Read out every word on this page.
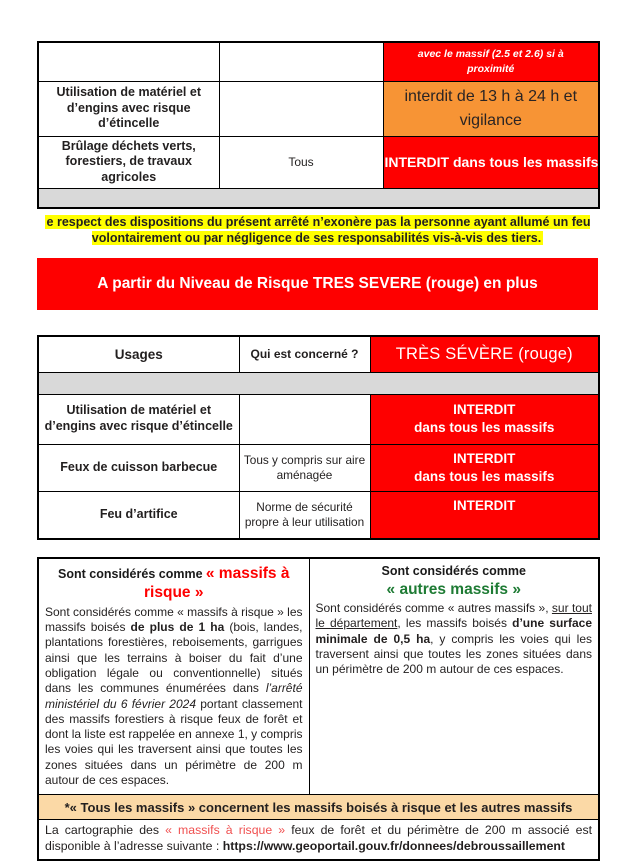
		avec le massif (2.5 et 2.6) si à proximité
Utilisation de matériel et d’engins avec risque d’étincelle		interdit de 13 h à 24 h et vigilance
Brûlage déchets verts, forestiers, de travaux agricoles	Tous	INTERDIT dans tous les massifs

e respect des dispositions du présent arrêté n’exonère pas la personne ayant allumé un feu volontairement ou par négligence de ses responsabilités vis-à-vis des tiers.
A partir du Niveau de Risque TRES SEVERE (rouge) en plus
Usages	Qui est concerné ?	TRÈS SÉVÈRE (rouge)

Utilisation de matériel et d’engins avec risque d’étincelle		INTERDIT
dans tous les massifs

Feux de cuisson barbecue	Tous y compris sur aire aménagée	INTERDIT
dans tous les massifs

Feu d’artifice	Norme de sécurité propre à leur utilisation	INTERDIT
Sont considérés comme « massifs à risque »
Sont considérés comme « massifs à risque » les massifs boisés de plus de 1 ha (bois, landes, plantations forestières, reboisements, garrigues ainsi que les terrains à boiser du fait d’une obligation légale ou conventionnelle) situés dans les communes énumérées dans l’arrêté ministériel du 6 février 2024 portant classement des massifs forestiers à risque feux de forêt et dont la liste est rappelée en annexe 1, y compris les voies qui les traversent ainsi que toutes les zones situées dans un périmètre de 200 m autour de ces espaces.	
Sont considérés comme
« autres massifs »
Sont considérés comme « autres massifs », sur tout le département, les massifs boisés d’une surface minimale de 0,5 ha, y compris les voies qui les traversent ainsi que toutes les zones situées dans un périmètre de 200 m autour de ces espaces.
*« Tous les massifs » concernent les massifs boisés à risque et les autres massifs
La cartographie des « massifs à risque » feux de forêt et du périmètre de 200 m associé est disponible à l’adresse suivante : https://www.geoportail.gouv.fr/donnees/debroussaillement
